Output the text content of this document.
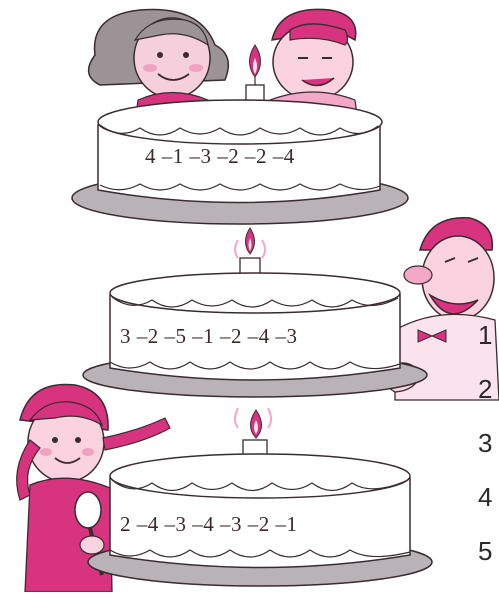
4 –1 –3 –2 –2 –4
3 –2 –5 –1 –2 –4 –3
2 –4 –3 –4 –3 –2 –1
1
2
3
4
5
